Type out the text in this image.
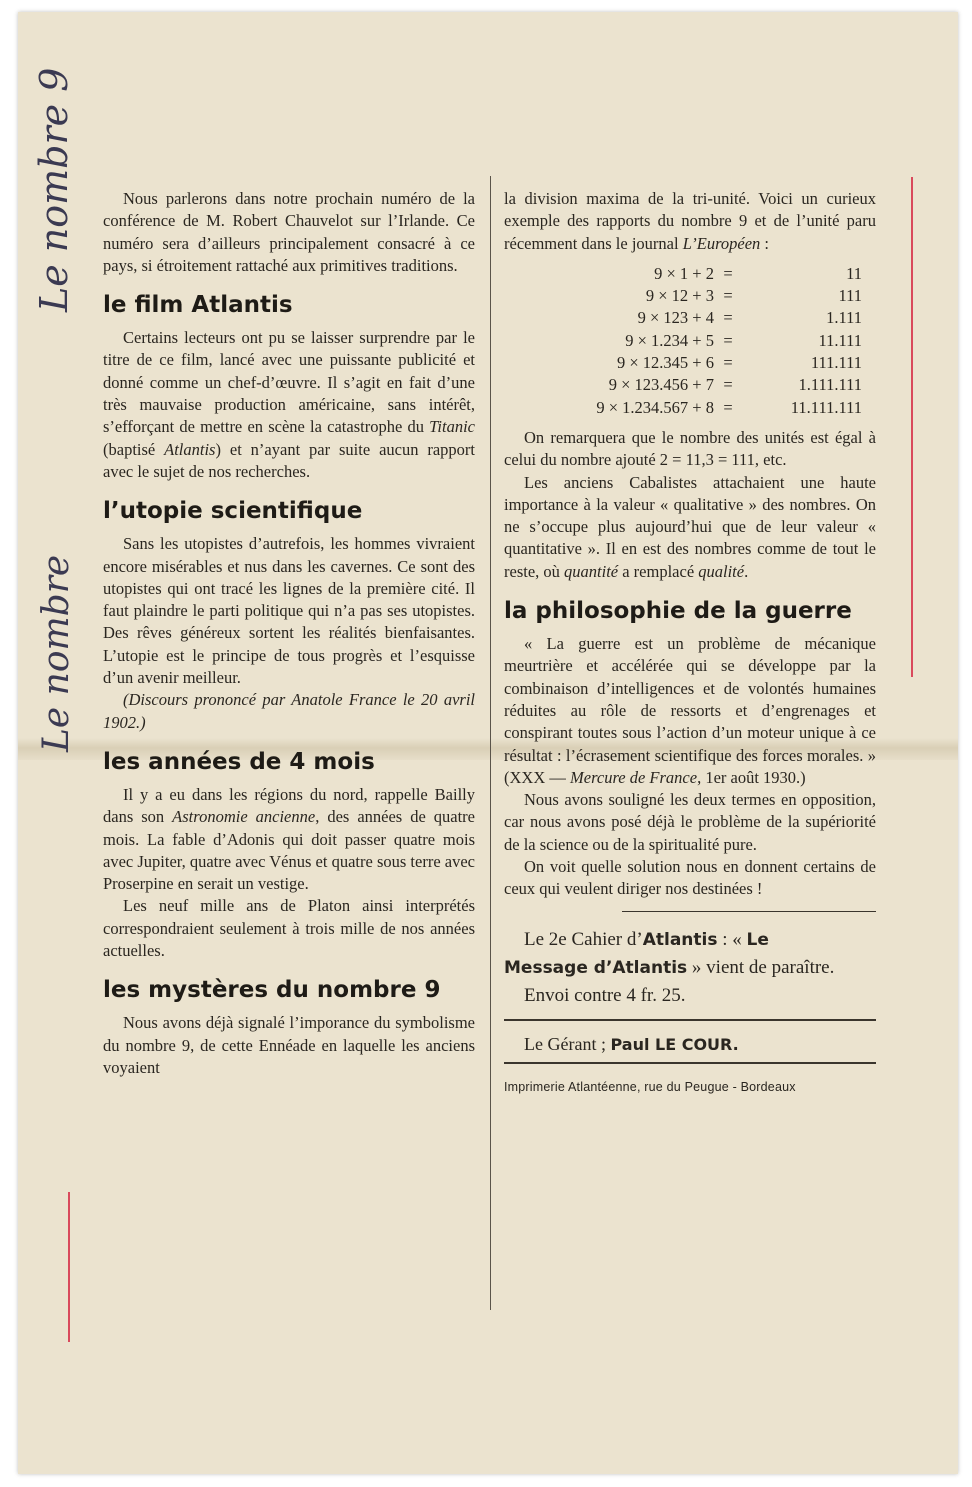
Le nombre 9
Le nombre

Nous parlerons dans notre prochain numéro de la conférence de M. Robert Chauvelot sur l’Irlande. Ce numéro sera d’ailleurs principalement consacré à ce pays, si étroitement rattaché aux primitives traditions.

le film Atlantis

Certains lecteurs ont pu se laisser surprendre par le titre de ce film, lancé avec une puissante publicité et donné comme un chef-d’œuvre. Il s’agit en fait d’une très mauvaise production américaine, sans intérêt, s’efforçant de mettre en scène la catastrophe du Titanic (baptisé Atlantis) et n’ayant par suite aucun rapport avec le sujet de nos recherches.

l’utopie scientifique

Sans les utopistes d’autrefois, les hommes vivraient encore misérables et nus dans les cavernes. Ce sont des utopistes qui ont tracé les lignes de la première cité. Il faut plaindre le parti politique qui n’a pas ses utopistes. Des rêves généreux sortent les réalités bienfaisantes. L’utopie est le principe de tous progrès et l’esquisse d’un avenir meilleur.

(Discours prononcé par Anatole France le 20 avril 1902.)

les années de 4 mois

Il y a eu dans les régions du nord, rappelle Bailly dans son Astronomie ancienne, des années de quatre mois. La fable d’Adonis qui doit passer quatre mois avec Jupiter, quatre avec Vénus et quatre sous terre avec Proserpine en serait un vestige.

Les neuf mille ans de Platon ainsi interprétés correspondraient seulement à trois mille de nos années actuelles.

les mystères du nombre 9

Nous avons déjà signalé l’imporance du symbolisme du nombre 9, de cette Ennéade en laquelle les anciens voyaient

la division maxima de la tri-unité. Voici un curieux exemple des rapports du nombre 9 et de l’unité paru récemment dans le journal L’Européen :

9 × 1 + 2 =	11
9 × 12 + 3 =	111
9 × 123 + 4 =	1.111
9 × 1.234 + 5 =	11.111
9 × 12.345 + 6 =	111.111
9 × 123.456 + 7 =	1.111.111
9 × 1.234.567 + 8 =	11.111.111

On remarquera que le nombre des unités est égal à celui du nombre ajouté 2 = 11,3 = 111, etc.

Les anciens Cabalistes attachaient une haute importance à la valeur « qualitative » des nombres. On ne s’occupe plus aujourd’hui que de leur valeur « quantitative ». Il en est des nombres comme de tout le reste, où quantité a remplacé qualité.

la philosophie de la guerre

« La guerre est un problème de mécanique meurtrière et accélérée qui se développe par la combinaison d’intelligences et de volontés humaines réduites au rôle de ressorts et d’engrenages et conspirant toutes sous l’action d’un moteur unique à ce résultat : l’écrasement scientifique des forces morales. » (XXX — Mercure de France, 1er août 1930.)

Nous avons souligné les deux termes en opposition, car nous avons posé déjà le problème de la supériorité de la science ou de la spiritualité pure.

On voit quelle solution nous en donnent certains de ceux qui veulent diriger nos destinées !

Le 2e Cahier d’Atlantis : « Le

Message d’Atlantis » vient de paraître.

Envoi contre 4 fr. 25.

Le Gérant ; Paul LE COUR.
Imprimerie Atlantéenne, rue du Peugue - Bordeaux
